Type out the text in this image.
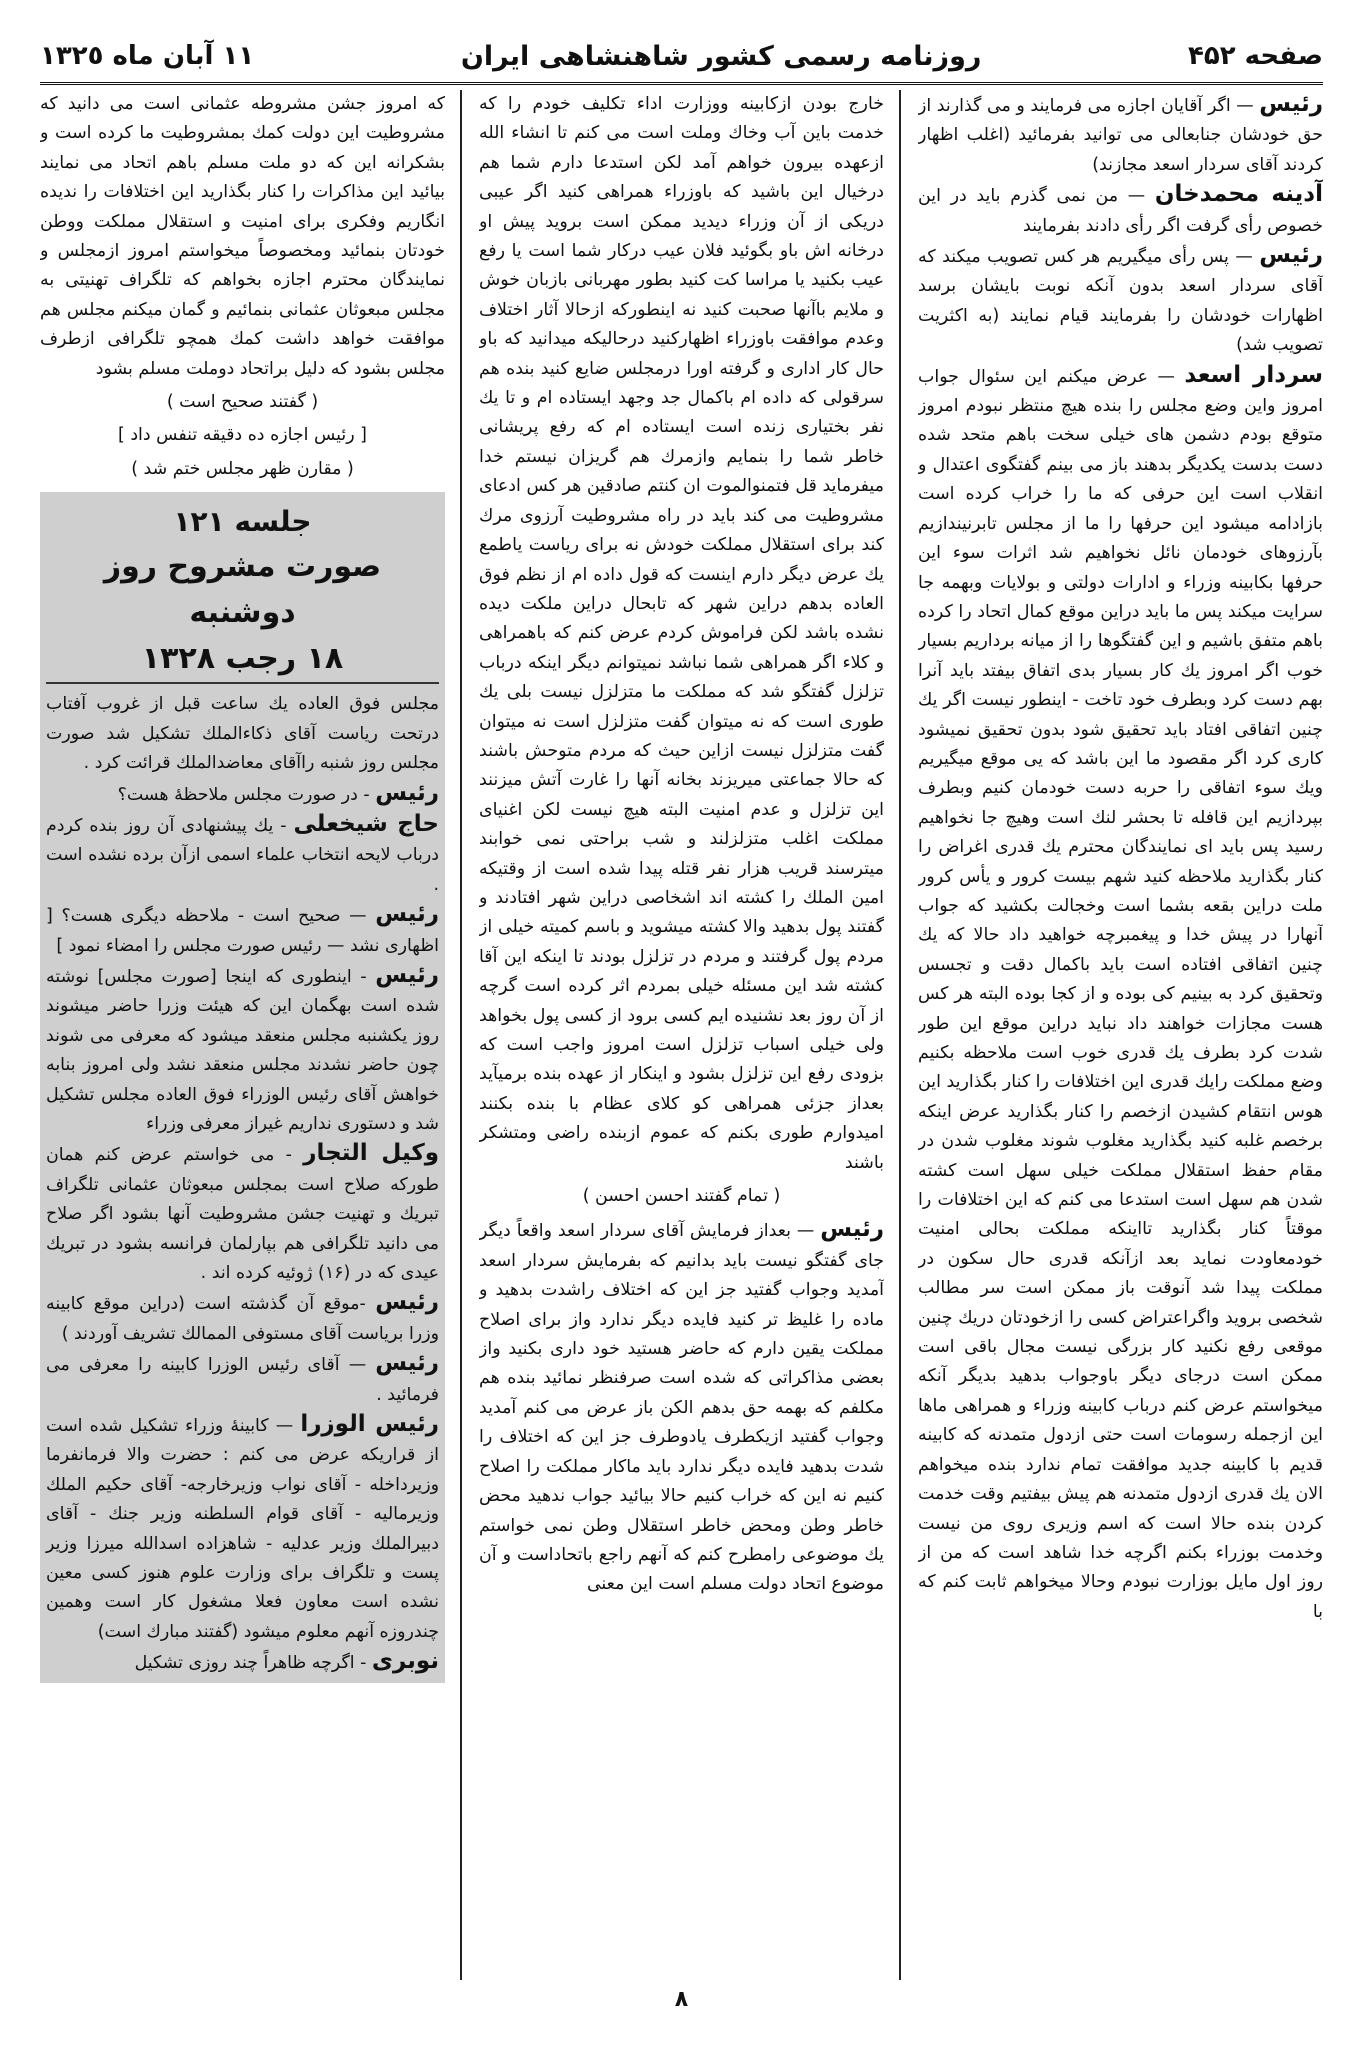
صفحه ۴۵۲
روزنامه رسمی کشور شاهنشاهی ایران
١١ آبان ماه ١٣٢٥

رئیس — اگر آقایان اجازه می فرمایند و می گذارند از حق خودشان جنابعالی می توانید بفرمائید (اغلب اظهار کردند آقای سردار اسعد مجازند)

آدینه محمدخان — من نمی گذرم باید در این خصوص رأی گرفت اگر رأی دادند بفرمایند

رئیس — پس رأی میگیریم هر کس تصویب میکند که آقای سردار اسعد بدون آنکه نوبت بایشان برسد اظهارات خودشان را بفرمایند قیام نمایند (به اکثریت تصویب شد)

سردار اسعد — عرض میکنم این سئوال جواب امروز واین وضع مجلس را بنده هیچ منتظر نبودم امروز متوقع بودم دشمن های خیلی سخت باهم متحد شده دست بدست یکدیگر بدهند باز می بینم گفتگوی اعتدال و انقلاب است این حرفی که ما را خراب کرده است بازادامه میشود این حرفها را ما از مجلس تابرنیندازیم بآرزوهای خودمان نائل نخواهیم شد اثرات سوء این حرفها بکابینه وزراء و ادارات دولتی و بولایات وبهمه جا سرایت میکند پس ما باید دراین موقع کمال اتحاد را کرده باهم متفق باشیم و این گفتگوها را از میانه برداریم بسیار خوب اگر امروز یك کار بسیار بدی اتفاق بیفتد باید آنرا بهم دست کرد وبطرف خود تاخت - اینطور نیست اگر یك چنین اتفاقی افتاد باید تحقیق شود بدون تحقیق نمیشود کاری کرد اگر مقصود ما این باشد که یی موقع میگیریم ویك سوء اتفاقی را حربه دست خودمان کنیم وبطرف بپردازیم این قافله تا بحشر لنك است وهیچ جا نخواهیم رسید پس باید ای نمایندگان محترم یك قدری اغراض را کنار بگذارید ملاحظه کنید شهم بیست کرور و یأس کرور ملت دراین بقعه بشما است وخجالت بکشید که جواب آنهارا در پیش خدا و پیغمبرچه خواهید داد حالا که یك چنین اتفاقی افتاده است باید باکمال دقت و تجسس وتحقیق کرد به بینیم کی بوده و از کجا بوده البته هر کس هست مجازات خواهند داد نباید دراین موقع این طور شدت کرد بطرف یك قدری خوب است ملاحظه بکنیم وضع مملکت رایك قدری این اختلافات را کنار بگذارید این هوس انتقام کشیدن ازخصم را کنار بگذارید عرض اینکه برخصم غلبه کنید بگذارید مغلوب شوند مغلوب شدن در مقام حفظ استقلال مملکت خیلی سهل است کشته شدن هم سهل است استدعا می کنم که این اختلافات را موقتاً کنار بگذارید تااینکه مملکت بحالی امنیت خودمعاودت نماید بعد ازآنکه قدری حال سکون در مملکت پیدا شد آنوقت باز ممکن است سر مطالب شخصی بروید واگراعتراض کسی را ازخودتان دریك چنین موقعی رفع نکنید کار بزرگی نیست مجال باقی است ممکن است درجای دیگر باوجواب بدهید بدیگر آنکه میخواستم عرض کنم درباب کابینه وزراء و همراهی ماها این ازجمله رسومات است حتی ازدول متمدنه که کابینه قدیم با کابینه جدید موافقت تمام ندارد بنده میخواهم الان یك قدری ازدول متمدنه هم پیش بیفتیم وقت خدمت کردن بنده حالا است که اسم وزیری روی من نیست وخدمت بوزراء بکنم اگرچه خدا شاهد است که من از روز اول مایل بوزارت نبودم وحالا میخواهم ثابت کنم که با

خارج بودن ازکابینه ووزارت اداء تکلیف خودم را که خدمت باین آب وخاك وملت است می کنم تا انشاء الله ازعهده بیرون خواهم آمد لکن استدعا دارم شما هم درخیال این باشید که باوزراء همراهی کنید اگر عیبی دریکی از آن وزراء دیدید ممکن است بروید پیش او درخانه اش باو بگوئید فلان عیب درکار شما است یا رفع عیب بکنید یا مراسا کت کنید بطور مهربانی بازبان خوش و ملایم باآنها صحبت کنید نه اینطورکه ازحالا آثار اختلاف وعدم موافقت باوزراء اظهارکنید درحالیکه میدانید که باو حال کار اداری و گرفته اورا درمجلس ضایع کنید بنده هم سرقولی که داده ام باکمال جد وجهد ایستاده ام و تا یك نفر بختیاری زنده است ایستاده ام که رفع پریشانی خاطر شما را بنمایم وازمرك هم گریزان نیستم خدا میفرماید قل فتمنوالموت ان کنتم صادقین هر کس ادعای مشروطیت می کند باید در راه مشروطیت آرزوی مرك کند برای استقلال مملکت خودش نه برای ریاست یاطمع یك عرض دیگر دارم اینست که قول داده ام از نظم فوق العاده بدهم دراین شهر که تابحال دراین ملکت دیده نشده باشد لکن فراموش کردم عرض کنم که باهمراهی و کلاء اگر همراهی شما نباشد نمیتوانم دیگر اینکه درباب تزلزل گفتگو شد که مملکت ما متزلزل نیست بلی یك طوری است که نه میتوان گفت متزلزل است نه میتوان گفت متزلزل نیست ازاین حیث که مردم متوحش باشند که حالا جماعتی میریزند بخانه آنها را غارت آتش میزنند این تزلزل و عدم امنیت البته هیچ نیست لکن اغنیای مملکت اغلب متزلزلند و شب براحتی نمی خوابند میترسند قریب هزار نفر قتله پیدا شده است از وقتیکه امین الملك را کشته اند اشخاصی دراین شهر افتادند و گفتند پول بدهید والا کشته میشوید و باسم کمیته خیلی از مردم پول گرفتند و مردم در تزلزل بودند تا اینکه این آقا کشته شد این مسئله خیلی بمردم اثر کرده است گرچه از آن روز بعد نشنیده ایم کسی برود از کسی پول بخواهد ولی خیلی اسباب تزلزل است امروز واجب است که بزودی رفع این تزلزل بشود و اینکار از عهده بنده برمیآید بعداز جزئی همراهی کو کلای عظام با بنده بکنند امیدوارم طوری بکنم که عموم ازبنده راضی ومتشکر باشند

( تمام گفتند احسن احسن )

رئیس — بعداز فرمایش آقای سردار اسعد واقعاً دیگر جای گفتگو نیست باید بدانیم که بفرمایش سردار اسعد آمدید وجواب گفتید جز این که اختلاف راشدت بدهید و ماده را غلیظ تر کنید فایده دیگر ندارد واز برای اصلاح مملکت یقین دارم که حاضر هستید خود داری بکنید واز بعضی مذاکراتی که شده است صرفنظر نمائید بنده هم مکلفم که بهمه حق بدهم الکن باز عرض می کنم آمدید وجواب گفتید ازیکطرف یادوطرف جز این که اختلاف را شدت بدهید فایده دیگر ندارد باید ماکار مملکت را اصلاح کنیم نه این که خراب کنیم حالا بیائید جواب ندهید محض خاطر وطن ومحض خاطر استقلال وطن نمی خواستم یك موضوعی رامطرح کنم که آنهم راجع باتحاداست و آن موضوع اتحاد دولت مسلم است این معنی

که امروز جشن مشروطه عثمانی است می دانید که مشروطیت این دولت کمك بمشروطیت ما کرده است و بشکرانه این که دو ملت مسلم باهم اتحاد می نمایند بیائید این مذاکرات را کنار بگذارید این اختلافات را ندیده انگاریم وفکری برای امنیت و استقلال مملکت ووطن خودتان بنمائید ومخصوصاً میخواستم امروز ازمجلس و نمایندگان محترم اجازه بخواهم که تلگراف تهنیتی به مجلس مبعوثان عثمانی بنمائیم و گمان میکنم مجلس هم موافقت خواهد داشت کمك همچو تلگرافی ازطرف مجلس بشود که دلیل براتحاد دوملت مسلم بشود

( گفتند صحیح است )
[ رئیس اجازه ده دقیقه تنفس داد ]
( مقارن ظهر مجلس ختم شد )
جلسه ۱۲۱
صورت مشروح روز دوشنبه
۱۸ رجب ۱۳۲۸

مجلس فوق العاده یك ساعت قبل از غروب آفتاب درتحت ریاست آقای ذکاءالملك تشکیل شد صورت مجلس روز شنبه راآقای معاضدالملك قرائت کرد .

رئیس - در صورت مجلس ملاحظهٔ هست؟

حاج شیخعلی - یك پیشنهادی آن روز بنده کردم درباب لایحه انتخاب علماء اسمی ازآن برده نشده است .

رئیس — صحیح است - ملاحظه دیگری هست؟ [ اظهاری نشد — رئیس صورت مجلس را امضاء نمود ]

رئیس - اینطوری که اینجا [صورت مجلس] نوشته شده است بهگمان این که هیئت وزرا حاضر میشوند روز یکشنبه مجلس منعقد میشود که معرفی می شوند چون حاضر نشدند مجلس منعقد نشد ولی امروز بنابه خواهش آقای رئیس الوزراء فوق العاده مجلس تشکیل شد و دستوری نداریم غیراز معرفی وزراء

وکیل التجار - می خواستم عرض کنم همان طورکه صلاح است بمجلس مبعوثان عثمانی تلگراف تبریك و تهنیت جشن مشروطیت آنها بشود اگر صلاح می دانید تلگرافی هم بپارلمان فرانسه بشود در تبریك عیدی که در (۱۶) ژوئیه کرده اند .

رئیس -موقع آن گذشته است (دراین موقع کابینه وزرا بریاست آقای مستوفی الممالك تشریف آوردند )

رئیس — آقای رئیس الوزرا کابینه را معرفی می فرمائید .

رئیس الوزرا — کابینهٔ وزراء تشکیل شده است از قراریکه عرض می کنم : حضرت والا فرمانفرما وزیرداخله - آقای نواب وزیرخارجه- آقای حکیم الملك وزیرمالیه - آقای قوام السلطنه وزیر جنك - آقای دبیرالملك وزیر عدلیه - شاهزاده اسدالله میرزا وزیر پست و تلگراف برای وزارت علوم هنوز کسی معین نشده است معاون فعلا مشغول کار است وهمین چندروزه آنهم معلوم میشود (گفتند مبارك است)

نوبری - اگرچه ظاهراً چند روزی تشکیل

۸
